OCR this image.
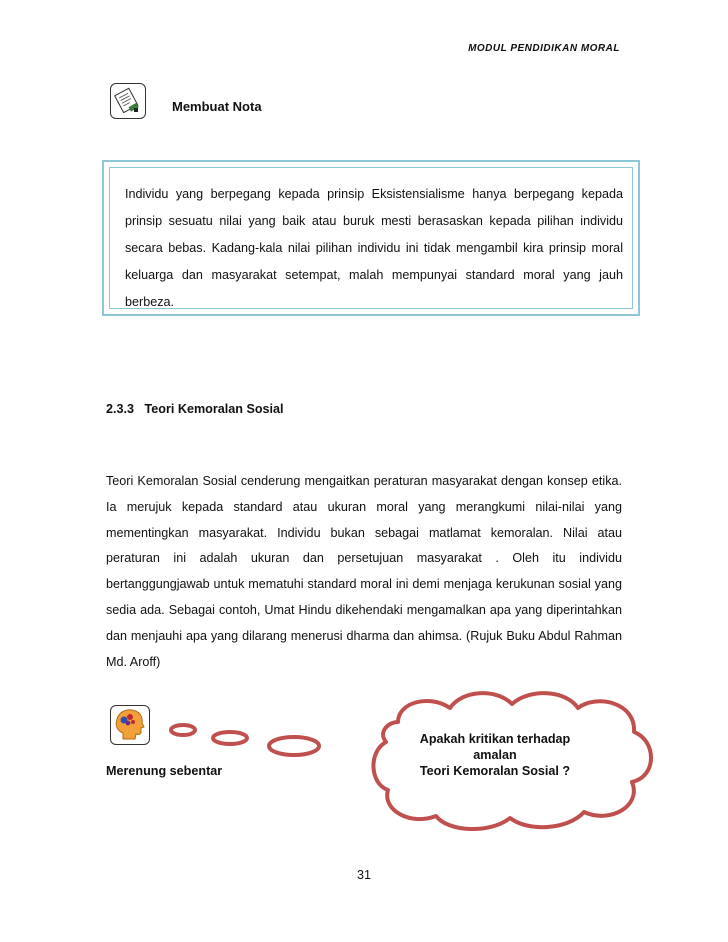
MODUL PENDIDIKAN MORAL
Membuat Nota
Individu yang berpegang kepada prinsip Eksistensialisme hanya berpegang kepada prinsip sesuatu nilai yang baik atau buruk mesti berasaskan kepada pilihan individu secara bebas. Kadang-kala nilai pilihan individu ini tidak mengambil kira prinsip moral keluarga dan masyarakat setempat, malah mempunyai standard moral yang jauh berbeza.
2.3.3 Teori Kemoralan Sosial
Teori Kemoralan Sosial cenderung mengaitkan peraturan masyarakat dengan konsep etika. Ia merujuk kepada standard atau ukuran moral yang merangkumi nilai-nilai yang mementingkan masyarakat. Individu bukan sebagai matlamat kemoralan. Nilai atau peraturan ini adalah ukuran dan persetujuan masyarakat . Oleh itu individu bertanggungjawab untuk mematuhi standard moral ini demi menjaga kerukunan sosial yang sedia ada. Sebagai contoh, Umat Hindu dikehendaki mengamalkan apa yang diperintahkan dan menjauhi apa yang dilarang menerusi dharma dan ahimsa. (Rujuk Buku Abdul Rahman Md. Aroff)
Merenung sebentar
Apakah kritikan terhadap
amalan
Teori Kemoralan Sosial ?
31
